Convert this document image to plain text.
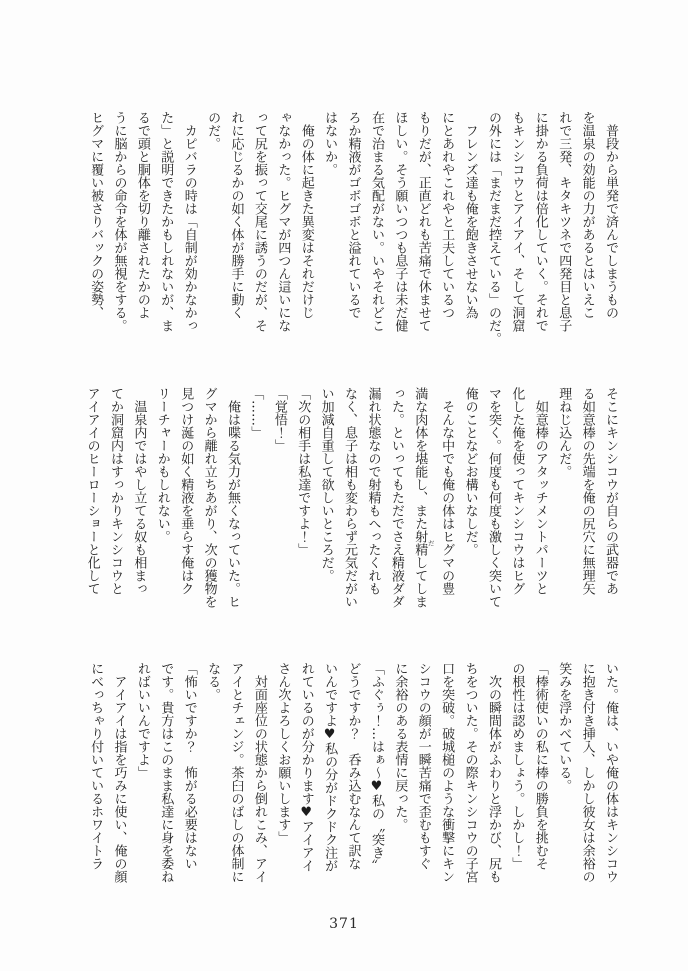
　普段から単発で済んでしまうもの

を温泉の効能の力があるとはいえこ

れで三発、キタキツネで四発目と息子

に掛かる負荷は倍化していく。それで

もキンシコウとアイアイ、そして洞窟

の外には「まだまだ控えている」のだ。

　フレンズ達も俺を飽きさせない為

にとあれやこれやと工夫しているつ

もりだが、正直どれも苦痛で休ませて

ほしい。そう願いつつも息子は未だ健

在で治まる気配がない。いやそれどこ

ろか精液がゴボゴボと溢れているで

はないか。

　俺の体に起きた異変はそれだけじ

ゃなかった。ヒグマが四つん這いにな

って尻を振って交尾に誘うのだが、そ

れに応じるかの如く体が勝手に動く

のだ。

　カピバラの時は「自制が効かなかっ

た」と説明できたかもしれないが、ま

るで頭と胴体を切り離されたかのよ

うに脳からの命令を体が無視をする。

ヒグマに覆い被さりバックの姿勢、

そこにキンシコウが自らの武器であ

る如意棒の先端を俺の尻穴に無理矢

理ねじ込んだ。

　如意棒のアタッチメントパーツと

化した俺を使ってキンシコウはヒグ

マを突く。何度も何度も激しく突いて

俺のことなどお構いなしだ。

　そんな中でも俺の体はヒグマの豊

満な肉体を堪能し、また射精 だしてしま

った。といってもただでさえ精液ダダ

漏れ状態なので射精もへったくれも

なく、息子は相も変わらず元気だがい

い加減自重して欲しいところだ。

「次の相手は私達ですよ！」

「覚悟！」

「……」

　俺は喋る気力が無くなっていた。ヒ

グマから離れ立ちあがり、次の獲物を

見つけ涎の如く精液を垂らす俺はク

リーチャーかもしれない。

　温泉内ではやし立てる奴も相まっ

てか洞窟内はすっかりキンシコウと

アイアイのヒーローショーと化して

いた。俺は、いや俺の体はキンシコウ

に抱き付き挿入、しかし彼女は余裕の

笑みを浮かべている。

「棒術使いの私に棒の勝負を挑むそ

の根性は認めましょう。しかし！」

　次の瞬間体がふわりと浮かび、尻も

ちをついた。その際キンシコウの子宮

口を突破。破城槌のような衝撃にキン

シコウの顔が一瞬苦痛で歪むもすぐ

に余裕のある表情に戻った。

「ふぐぅ！…はぁ～♥私の〝突き〟

どうですか？　呑み込むなんて訳な

いんですよ♥私の分がドクドク注が

れているのが分かります♥アイアイ

さん次よろしくお願いします」

　対面座位の状態から倒れこみ、アイ

アイとチェンジ。茶臼のばしの体制に

なる。

「怖いですか？　怖がる必要はない

です。貴方はこのまま私達に身を委ね

ればいいんですよ」

　アイアイは指を巧みに使い、俺の顔

にべっちゃり付いているホワイトラ

371
